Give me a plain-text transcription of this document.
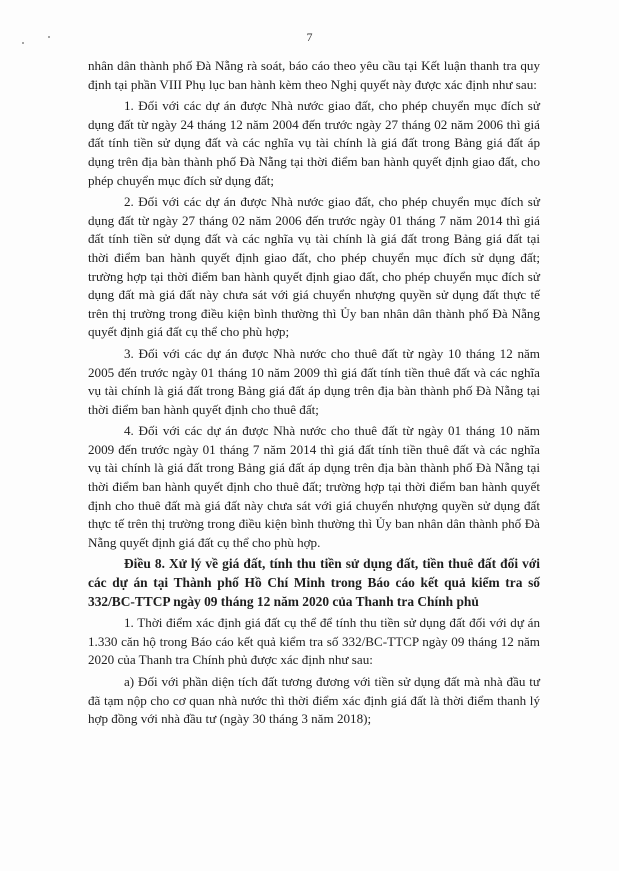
7

nhân dân thành phố Đà Nẵng rà soát, báo cáo theo yêu cầu tại Kết luận thanh tra quy định tại phần VIII Phụ lục ban hành kèm theo Nghị quyết này được xác định như sau:

1. Đối với các dự án được Nhà nước giao đất, cho phép chuyển mục đích sử dụng đất từ ngày 24 tháng 12 năm 2004 đến trước ngày 27 tháng 02 năm 2006 thì giá đất tính tiền sử dụng đất và các nghĩa vụ tài chính là giá đất trong Bảng giá đất áp dụng trên địa bàn thành phố Đà Nẵng tại thời điểm ban hành quyết định giao đất, cho phép chuyển mục đích sử dụng đất;

2. Đối với các dự án được Nhà nước giao đất, cho phép chuyển mục đích sử dụng đất từ ngày 27 tháng 02 năm 2006 đến trước ngày 01 tháng 7 năm 2014 thì giá đất tính tiền sử dụng đất và các nghĩa vụ tài chính là giá đất trong Bảng giá đất tại thời điểm ban hành quyết định giao đất, cho phép chuyển mục đích sử dụng đất; trường hợp tại thời điểm ban hành quyết định giao đất, cho phép chuyển mục đích sử dụng đất mà giá đất này chưa sát với giá chuyển nhượng quyền sử dụng đất thực tế trên thị trường trong điều kiện bình thường thì Ủy ban nhân dân thành phố Đà Nẵng quyết định giá đất cụ thể cho phù hợp;

3. Đối với các dự án được Nhà nước cho thuê đất từ ngày 10 tháng 12 năm 2005 đến trước ngày 01 tháng 10 năm 2009 thì giá đất tính tiền thuê đất và các nghĩa vụ tài chính là giá đất trong Bảng giá đất áp dụng trên địa bàn thành phố Đà Nẵng tại thời điểm ban hành quyết định cho thuê đất;

4. Đối với các dự án được Nhà nước cho thuê đất từ ngày 01 tháng 10 năm 2009 đến trước ngày 01 tháng 7 năm 2014 thì giá đất tính tiền thuê đất và các nghĩa vụ tài chính là giá đất trong Bảng giá đất áp dụng trên địa bàn thành phố Đà Nẵng tại thời điểm ban hành quyết định cho thuê đất; trường hợp tại thời điểm ban hành quyết định cho thuê đất mà giá đất này chưa sát với giá chuyển nhượng quyền sử dụng đất thực tế trên thị trường trong điều kiện bình thường thì Ủy ban nhân dân thành phố Đà Nẵng quyết định giá đất cụ thể cho phù hợp.

Điều 8. Xử lý về giá đất, tính thu tiền sử dụng đất, tiền thuê đất đối với các dự án tại Thành phố Hồ Chí Minh trong Báo cáo kết quả kiểm tra số 332/BC-TTCP ngày 09 tháng 12 năm 2020 của Thanh tra Chính phủ

1. Thời điểm xác định giá đất cụ thể để tính thu tiền sử dụng đất đối với dự án 1.330 căn hộ trong Báo cáo kết quả kiểm tra số 332/BC-TTCP ngày 09 tháng 12 năm 2020 của Thanh tra Chính phủ được xác định như sau:

a) Đối với phần diện tích đất tương đương với tiền sử dụng đất mà nhà đầu tư đã tạm nộp cho cơ quan nhà nước thì thời điểm xác định giá đất là thời điểm thanh lý hợp đồng với nhà đầu tư (ngày 30 tháng 3 năm 2018);
